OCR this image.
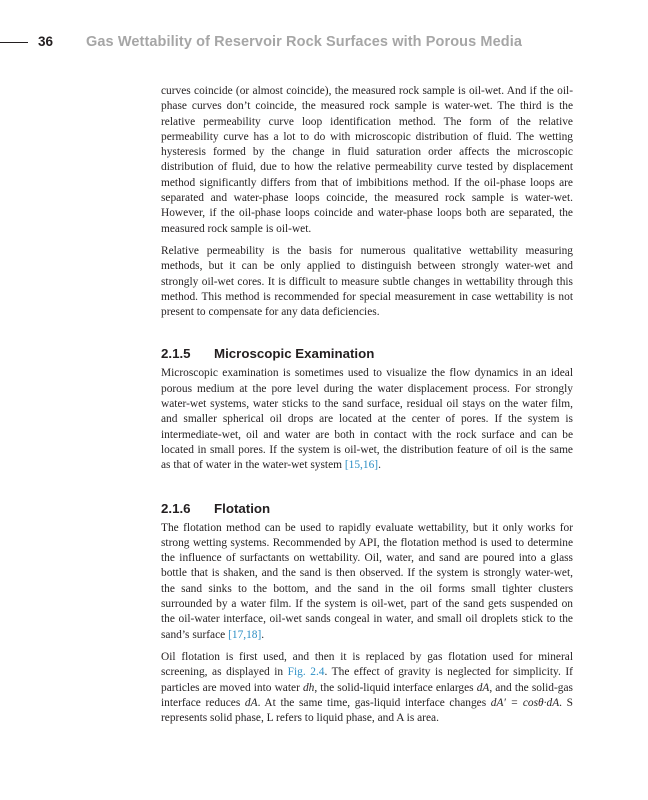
36 Gas Wettability of Reservoir Rock Surfaces with Porous Media

curves coincide (or almost coincide), the measured rock sample is oil-wet. And if the oil-phase curves don’t coincide, the measured rock sample is water-wet. The third is the relative permeability curve loop identification method. The form of the relative permeability curve has a lot to do with microscopic distribution of fluid. The wetting hysteresis formed by the change in fluid saturation order affects the microscopic distribution of fluid, due to how the relative permeability curve tested by displacement method significantly differs from that of imbibitions method. If the oil-phase loops are separated and water-phase loops coincide, the measured rock sample is water-wet. However, if the oil-phase loops coincide and water-phase loops both are separated, the measured rock sample is oil-wet.

Relative permeability is the basis for numerous qualitative wettability measuring methods, but it can be only applied to distinguish between strongly water-wet and strongly oil-wet cores. It is difficult to measure subtle changes in wettability through this method. This method is recommended for special measurement in case wettability is not present to compensate for any data deficiencies.

2.1.5 Microscopic Examination

Microscopic examination is sometimes used to visualize the flow dynamics in an ideal porous medium at the pore level during the water displacement process. For strongly water-wet systems, water sticks to the sand surface, residual oil stays on the water film, and smaller spherical oil drops are located at the center of pores. If the system is intermediate-wet, oil and water are both in contact with the rock surface and can be located in small pores. If the system is oil-wet, the distribution feature of oil is the same as that of water in the water-wet system [15,16].

2.1.6 Flotation

The flotation method can be used to rapidly evaluate wettability, but it only works for strong wetting systems. Recommended by API, the flotation method is used to determine the influence of surfactants on wettability. Oil, water, and sand are poured into a glass bottle that is shaken, and the sand is then observed. If the system is strongly water-wet, the sand sinks to the bottom, and the sand in the oil forms small tighter clusters surrounded by a water film. If the system is oil-wet, part of the sand gets suspended on the oil-water interface, oil-wet sands congeal in water, and small oil droplets stick to the sand’s surface [17,18].

Oil flotation is first used, and then it is replaced by gas flotation used for mineral screening, as displayed in Fig. 2.4. The effect of gravity is neglected for simplicity. If particles are moved into water dh, the solid-liquid interface enlarges dA, and the solid-gas interface reduces dA. At the same time, gas-liquid interface changes dA′ = cosθ·dA. S represents solid phase, L refers to liquid phase, and A is area.
